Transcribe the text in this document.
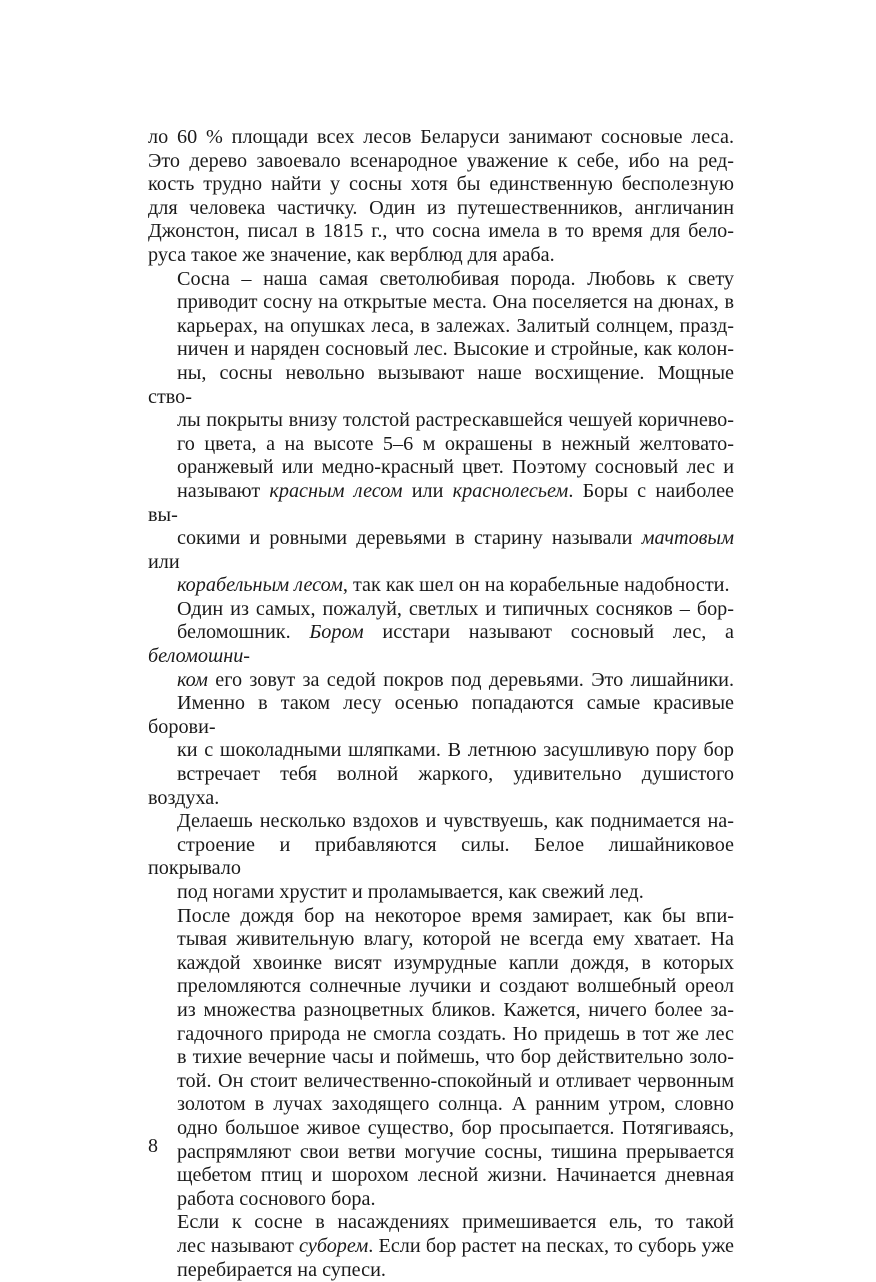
ло 60 % площади всех лесов Беларуси занимают сосновые леса.
Это дерево завоевало всенародное уважение к себе, ибо на ред-
кость трудно найти у сосны хотя бы единственную бесполезную
для человека частичку. Один из путешественников, англичанин
Джонстон, писал в 1815 г., что сосна имела в то время для бело-
руса такое же значение, как верблюд для араба.

Сосна – наша самая светолюбивая порода. Любовь к свету
приводит сосну на открытые места. Она поселяется на дюнах, в
карьерах, на опушках леса, в залежах. Залитый солнцем, празд-
ничен и наряден сосновый лес. Высокие и стройные, как колон-
ны, сосны невольно вызывают наше восхищение. Мощные ство-
лы покрыты внизу толстой растрескавшейся чешуей коричнево-
го цвета, а на высоте 5–6 м окрашены в нежный желтовато-
оранжевый или медно-красный цвет. Поэтому сосновый лес и
называют красным лесом или краснолесьем. Боры с наиболее вы-
сокими и ровными деревьями в старину называли мачтовым или
корабельным лесом, так как шел он на корабельные надобности.

Один из самых, пожалуй, светлых и типичных сосняков – бор-
беломошник. Бором исстари называют сосновый лес, а беломошни-
ком его зовут за седой покров под деревьями. Это лишайники.
Именно в таком лесу осенью попадаются самые красивые борови-
ки с шоколадными шляпками. В летнюю засушливую пору бор
встречает тебя волной жаркого, удивительно душистого воздуха.
Делаешь несколько вздохов и чувствуешь, как поднимается на-
строение и прибавляются силы. Белое лишайниковое покрывало
под ногами хрустит и проламывается, как свежий лед.

После дождя бор на некоторое время замирает, как бы впи-
тывая живительную влагу, которой не всегда ему хватает. На
каждой хвоинке висят изумрудные капли дождя, в которых
преломляются солнечные лучики и создают волшебный ореол
из множества разноцветных бликов. Кажется, ничего более за-
гадочного природа не смогла создать. Но придешь в тот же лес
в тихие вечерние часы и поймешь, что бор действительно золо-
той. Он стоит величественно-спокойный и отливает червонным
золотом в лучах заходящего солнца. А ранним утром, словно
одно большое живое существо, бор просыпается. Потягиваясь,
распрямляют свои ветви могучие сосны, тишина прерывается
щебетом птиц и шорохом лесной жизни. Начинается дневная
работа соснового бора.

Если к сосне в насаждениях примешивается ель, то такой
лес называют суборем. Если бор растет на песках, то суборь уже
перебирается на супеси.

8
